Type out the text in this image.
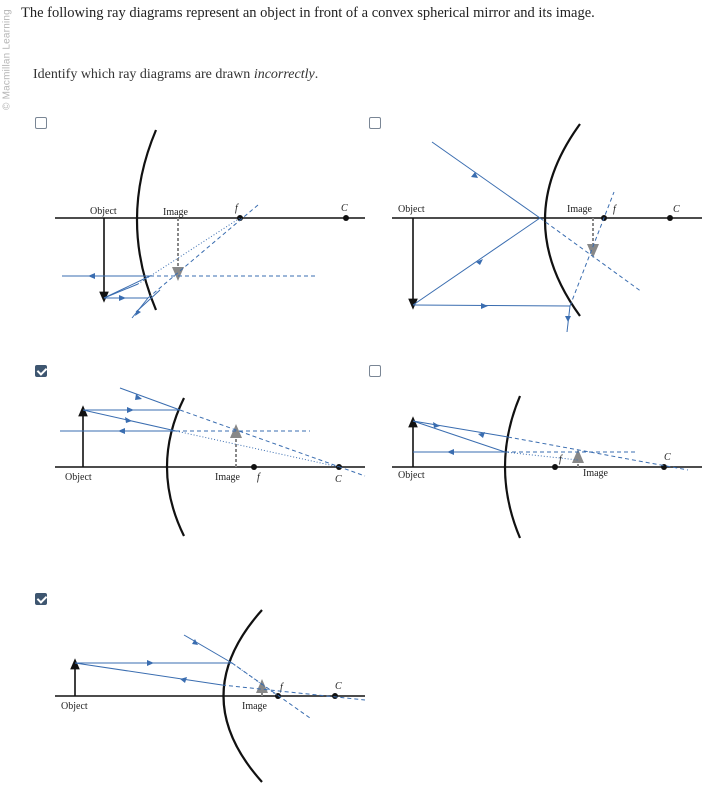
© Macmillan Learning The following ray diagrams represent an object in front of a convex spherical mirror and its image.
Identify which ray diagrams are drawn incorrectly.
Object	Image	f	C	Object	Image f	C
Object	Image f	C	Object	Image
f	C
Object	Image
f	C
